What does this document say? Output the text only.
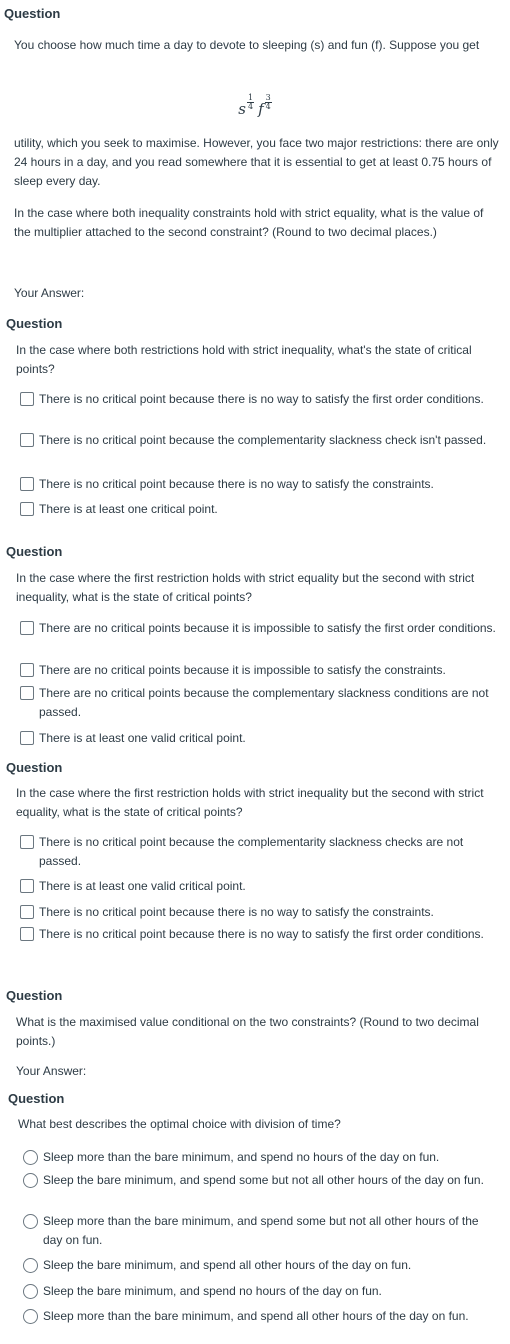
Question

You choose how much time a day to devote to sleeping (s) and fun (f). Suppose you get

s $\frac{1}{4}$ f $\frac{3}{4}$

utility, which you seek to maximise. However, you face two major restrictions: there are only 24 hours in a day, and you read somewhere that it is essential to get at least 0.75 hours of sleep every day.

In the case where both inequality constraints hold with strict equality, what is the value of the multiplier attached to the second constraint? (Round to two decimal places.)

Your Answer:
Question

In the case where both restrictions hold with strict inequality, what's the state of critical points?

There is no critical point because there is no way to satisfy the first order conditions.
There is no critical point because the complementarity slackness check isn't passed.
There is no critical point because there is no way to satisfy the constraints.
There is at least one critical point.
Question

In the case where the first restriction holds with strict equality but the second with strict inequality, what is the state of critical points?

There are no critical points because it is impossible to satisfy the first order conditions.
There are no critical points because it is impossible to satisfy the constraints.
There are no critical points because the complementary slackness conditions are not passed.
There is at least one valid critical point.
Question

In the case where the first restriction holds with strict inequality but the second with strict equality, what is the state of critical points?

There is no critical point because the complementarity slackness checks are not passed.
There is at least one valid critical point.
There is no critical point because there is no way to satisfy the constraints.
There is no critical point because there is no way to satisfy the first order conditions.
Question

What is the maximised value conditional on the two constraints? (Round to two decimal points.)

Your Answer:
Question

What best describes the optimal choice with division of time?

Sleep more than the bare minimum, and spend no hours of the day on fun.
Sleep the bare minimum, and spend some but not all other hours of the day on fun.
Sleep more than the bare minimum, and spend some but not all other hours of the day on fun.
Sleep the bare minimum, and spend all other hours of the day on fun.
Sleep the bare minimum, and spend no hours of the day on fun.
Sleep more than the bare minimum, and spend all other hours of the day on fun.
